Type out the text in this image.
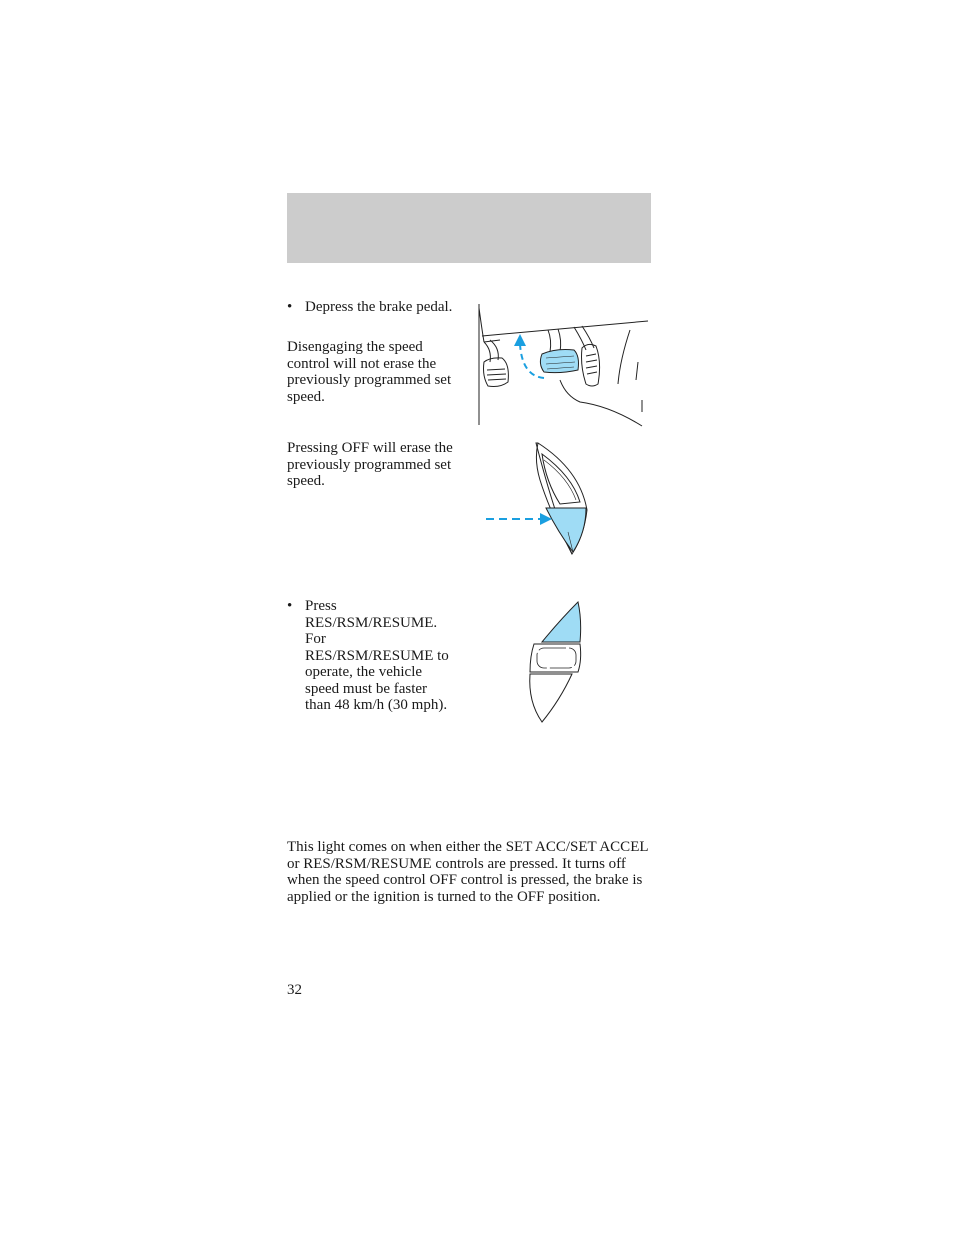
• Depress the brake pedal.
Disengaging the speed control will not erase the previously programmed set speed.
Pressing OFF will erase the previously programmed set speed.
• Press RES/RSM/RESUME. For RES/RSM/RESUME to operate, the vehicle speed must be faster than 48 km/h (30 mph).
This light comes on when either the SET ACC/SET ACCEL or RES/RSM/RESUME controls are pressed. It turns off when the speed control OFF control is pressed, the brake is applied or the ignition is turned to the OFF position.
32
